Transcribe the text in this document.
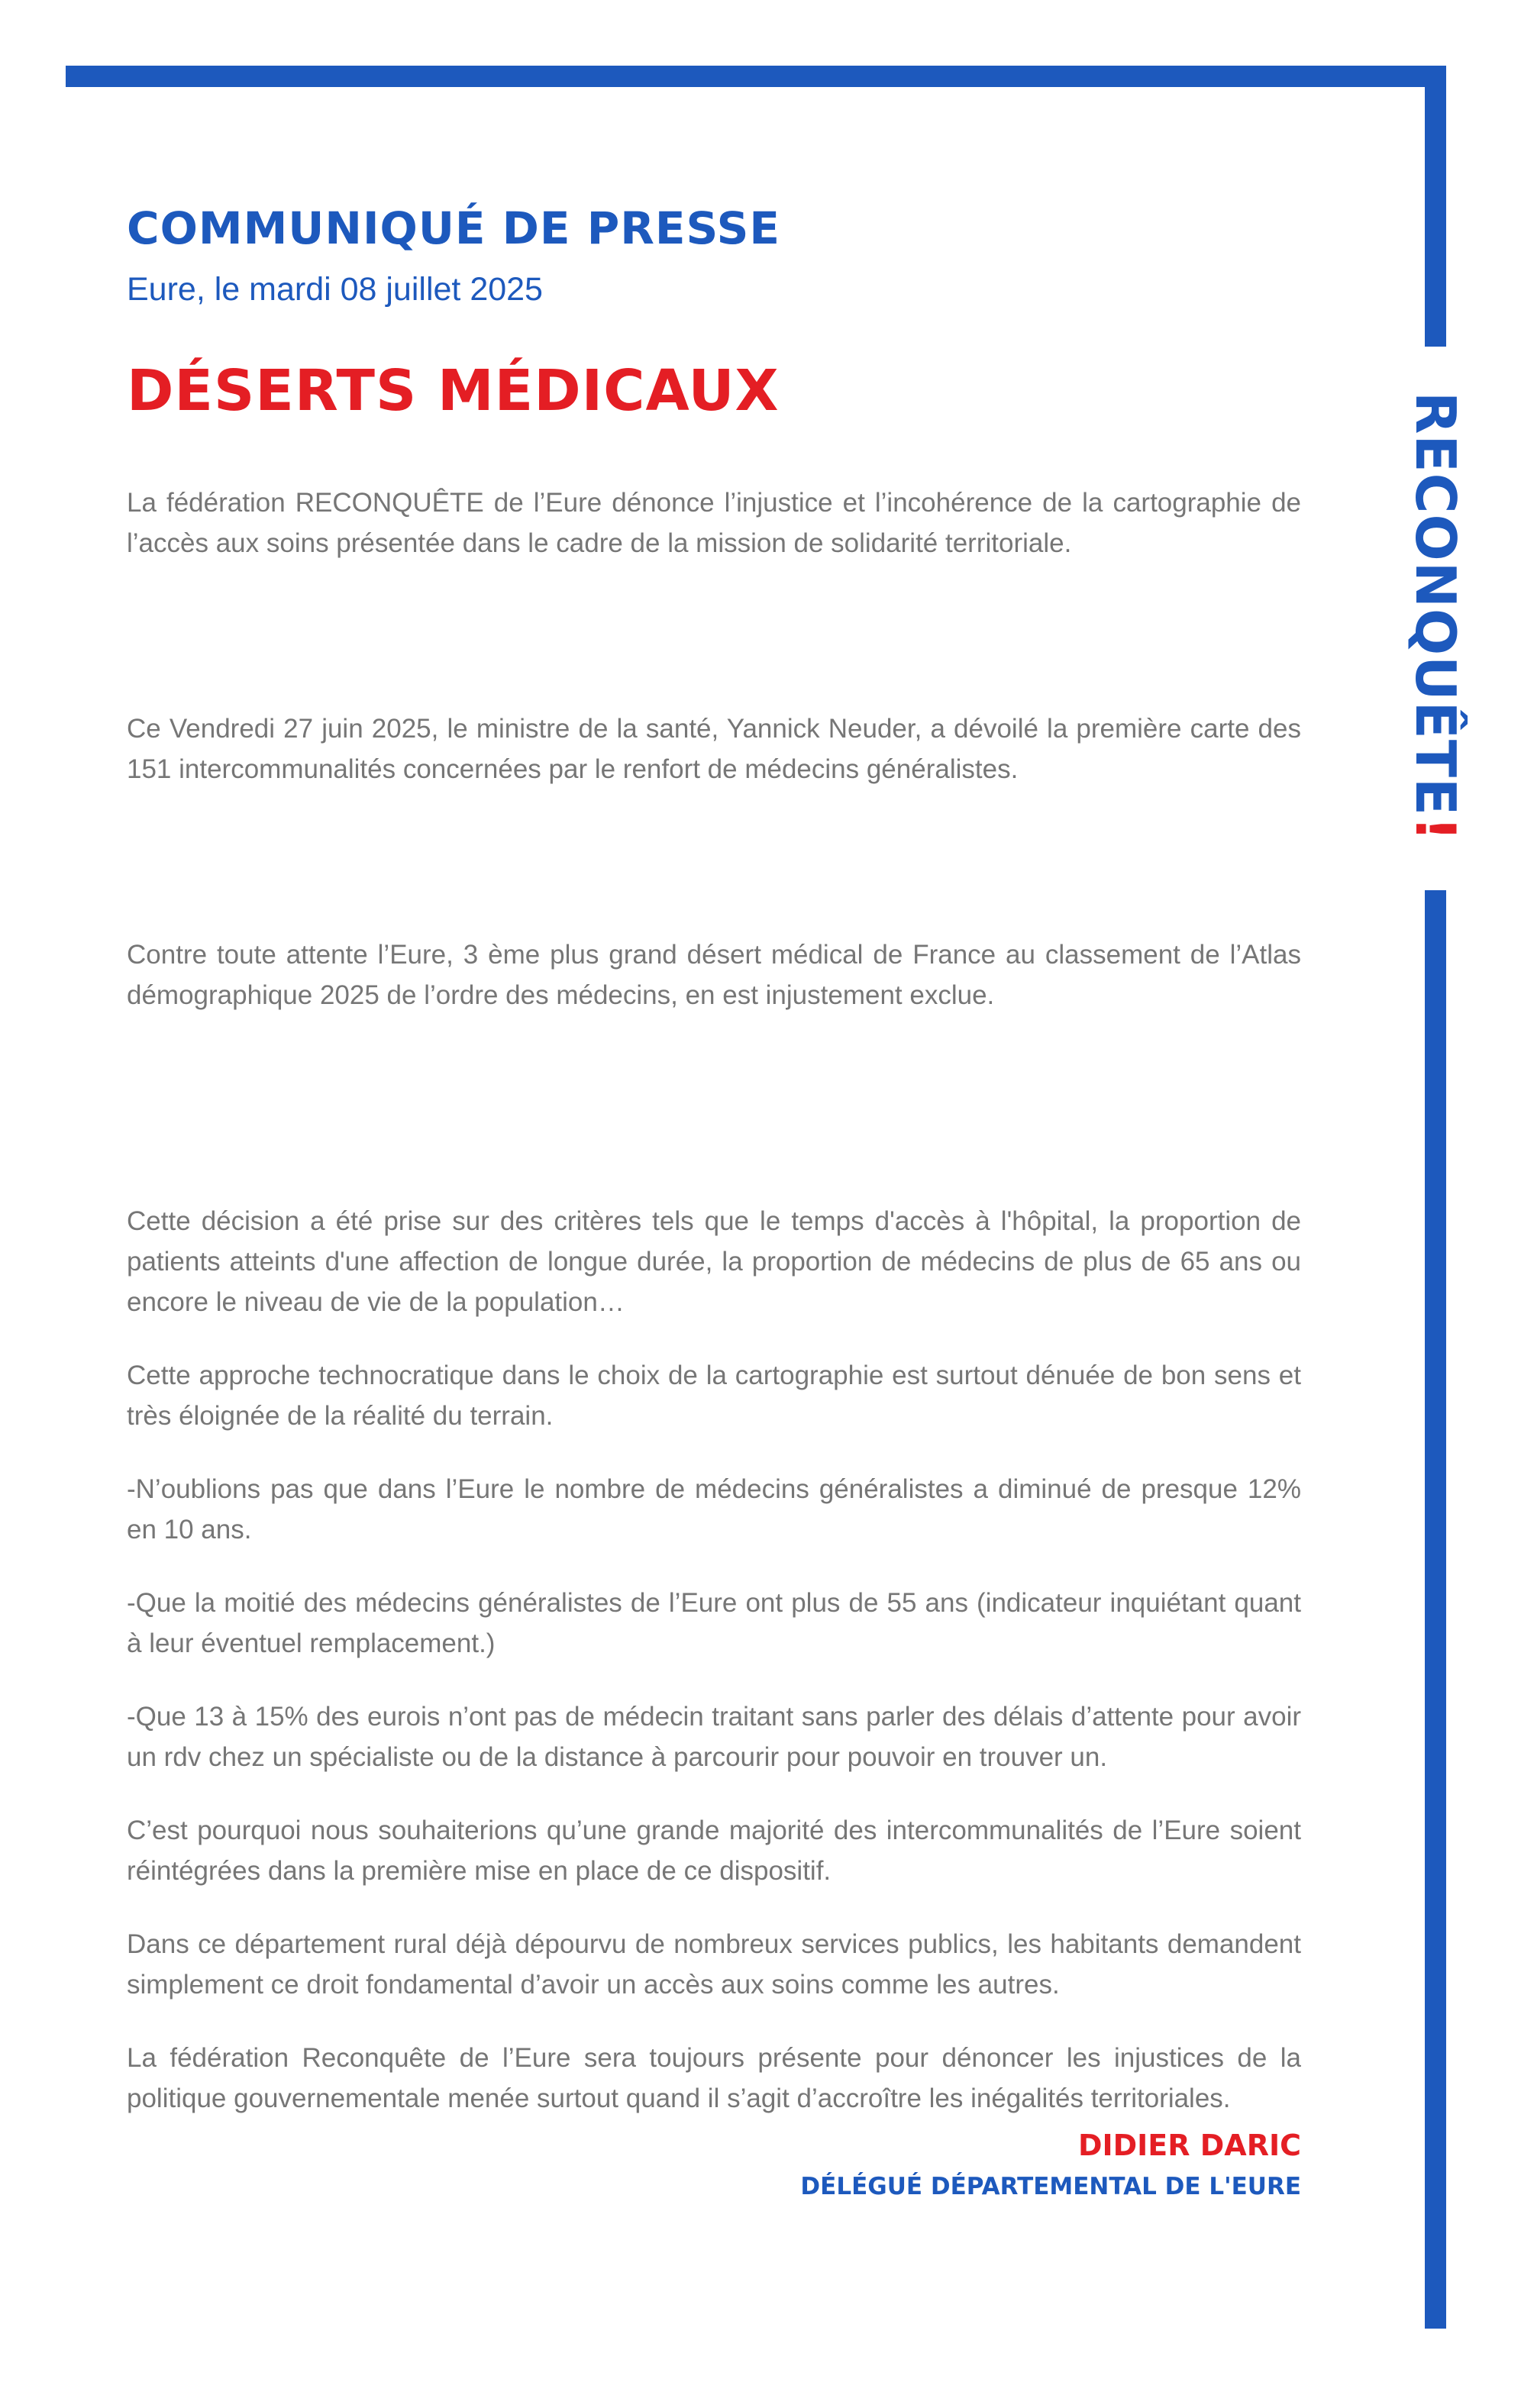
RECONQUÊTE!
COMMUNIQUÉ DE PRESSE
Eure, le mardi 08 juillet 2025
DÉSERTS MÉDICAUX

La fédération RECONQUÊTE de l’Eure dénonce l’injustice et l’incohérence de la cartographie de l’accès aux soins présentée dans le cadre de la mission de solidarité territoriale.

Ce Vendredi 27 juin 2025, le ministre de la santé, Yannick Neuder, a dévoilé la première carte des 151 intercommunalités concernées par le renfort de médecins généralistes.

Contre toute attente l’Eure, 3 ème plus grand désert médical de France au classement de l’Atlas démographique 2025 de l’ordre des médecins, en est injustement exclue.

Cette décision a été prise sur des critères tels que le temps d'accès à l'hôpital, la proportion de patients atteints d'une affection de longue durée, la proportion de médecins de plus de 65 ans ou encore le niveau de vie de la population…

Cette approche technocratique dans le choix de la cartographie est surtout dénuée de bon sens et très éloignée de la réalité du terrain.

-N’oublions pas que dans l’Eure le nombre de médecins généralistes a diminué de presque 12% en 10 ans.

-Que la moitié des médecins généralistes de l’Eure ont plus de 55 ans (indicateur inquiétant quant à leur éventuel remplacement.)

-Que 13 à 15% des eurois n’ont pas de médecin traitant sans parler des délais d’attente pour avoir un rdv chez un spécialiste ou de la distance à parcourir pour pouvoir en trouver un.

C’est pourquoi nous souhaiterions qu’une grande majorité des intercommunalités de l’Eure soient réintégrées dans la première mise en place de ce dispositif.

Dans ce département rural déjà dépourvu de nombreux services publics, les habitants demandent simplement ce droit fondamental d’avoir un accès aux soins comme les autres.

La fédération Reconquête de l’Eure sera toujours présente pour dénoncer les injustices de la politique gouvernementale menée surtout quand il s’agit d’accroître les inégalités territoriales.

DIDIER DARIC
DÉLÉGUÉ DÉPARTEMENTAL DE L'EURE
